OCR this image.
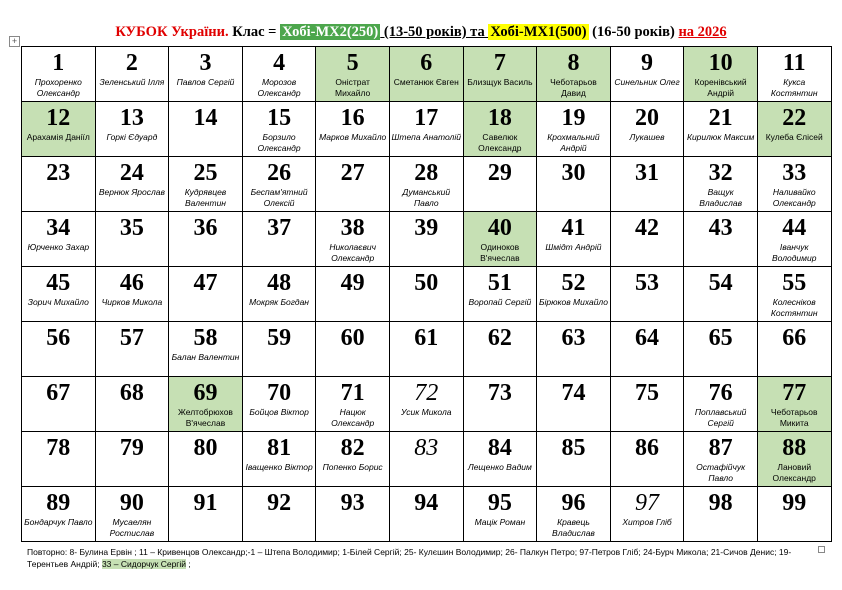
+
КУБОК України. Клас = Хобі-МХ2(250) (13-50 років) та Хобі-МХ1(500) (16-50 років) на 2026
1
Прохоренко Олександр	2
Зеленський Ілля	3
Павлов Сергій	4
Морозов Олександр	5
Оністрат Михайло	6
Сметанюк Євген	7
Близщук Василь	8
Чеботарьов Давид	9
Синельник Олег	10
Коренівський Андрій	11
Кукса Костянтин

12
Арахамія Даніїл	13
Горкі Єдуард	14	15
Борзило Олександр	16
Марков Михайло	17
Штепа Анатолій	18
Савелюк Олександр	19
Крохмальний Андрій	20
Лукашев	21
Кирилюк Максим	22
Кулеба Єлісей

23	24
Вернюк Ярослав	25
Кудрявцев Валентин	26
Беспам'ятний Олексій	27	28
Думанський Павло	29	30	31	32
Ващук Владислав	33
Наливайко Олександр

34
Юрченко Захар	35	36	37	38
Николаєвич Олександр	39	40
Одиноков В'ячеслав	41
Шмідт Андрій	42	43	44
Іванчук Володимир

45
Зорич Михайло	46
Чирков Микола	47	48
Мокряк Богдан	49	50	51
Воропай Сергій	52
Бірюков Михайло	53	54	55
Колесніков Костянтин

56	57	58
Балан Валентин	59	60	61	62	63	64	65	66

67	68	69
Желтобрюхов В'ячеслав	70
Бойцов Віктор	71
Нацюк Олександр	72
Усик Микола	73	74	75	76
Поплавський Сергій	77
Чеботарьов Микита

78	79	80	81
Іващенко Віктор	82
Попенко Борис	83	84
Лещенко Вадим	85	86	87
Остафійчук Павло	88
Лановий Олександр

89
Бондарчук Павло	90
Мусаелян Ростислав	91	92	93	94	95
Мацік Роман	96
Кравець Владислав	97
Хитров Гліб	98	99
Повторно: 8- Булина Ервін ; 11 – Кривенцов Олександр;-1 – Штепа Володимир; 1-Білей Сергій; 25- Кулєшин Володимир; 26- Палкун Петро; 97-Петров Гліб; 24-Бурч Микола; 21-Сичов Денис; 19- Терентьев Андрій; 33 – Сидорчук Сергій ;
